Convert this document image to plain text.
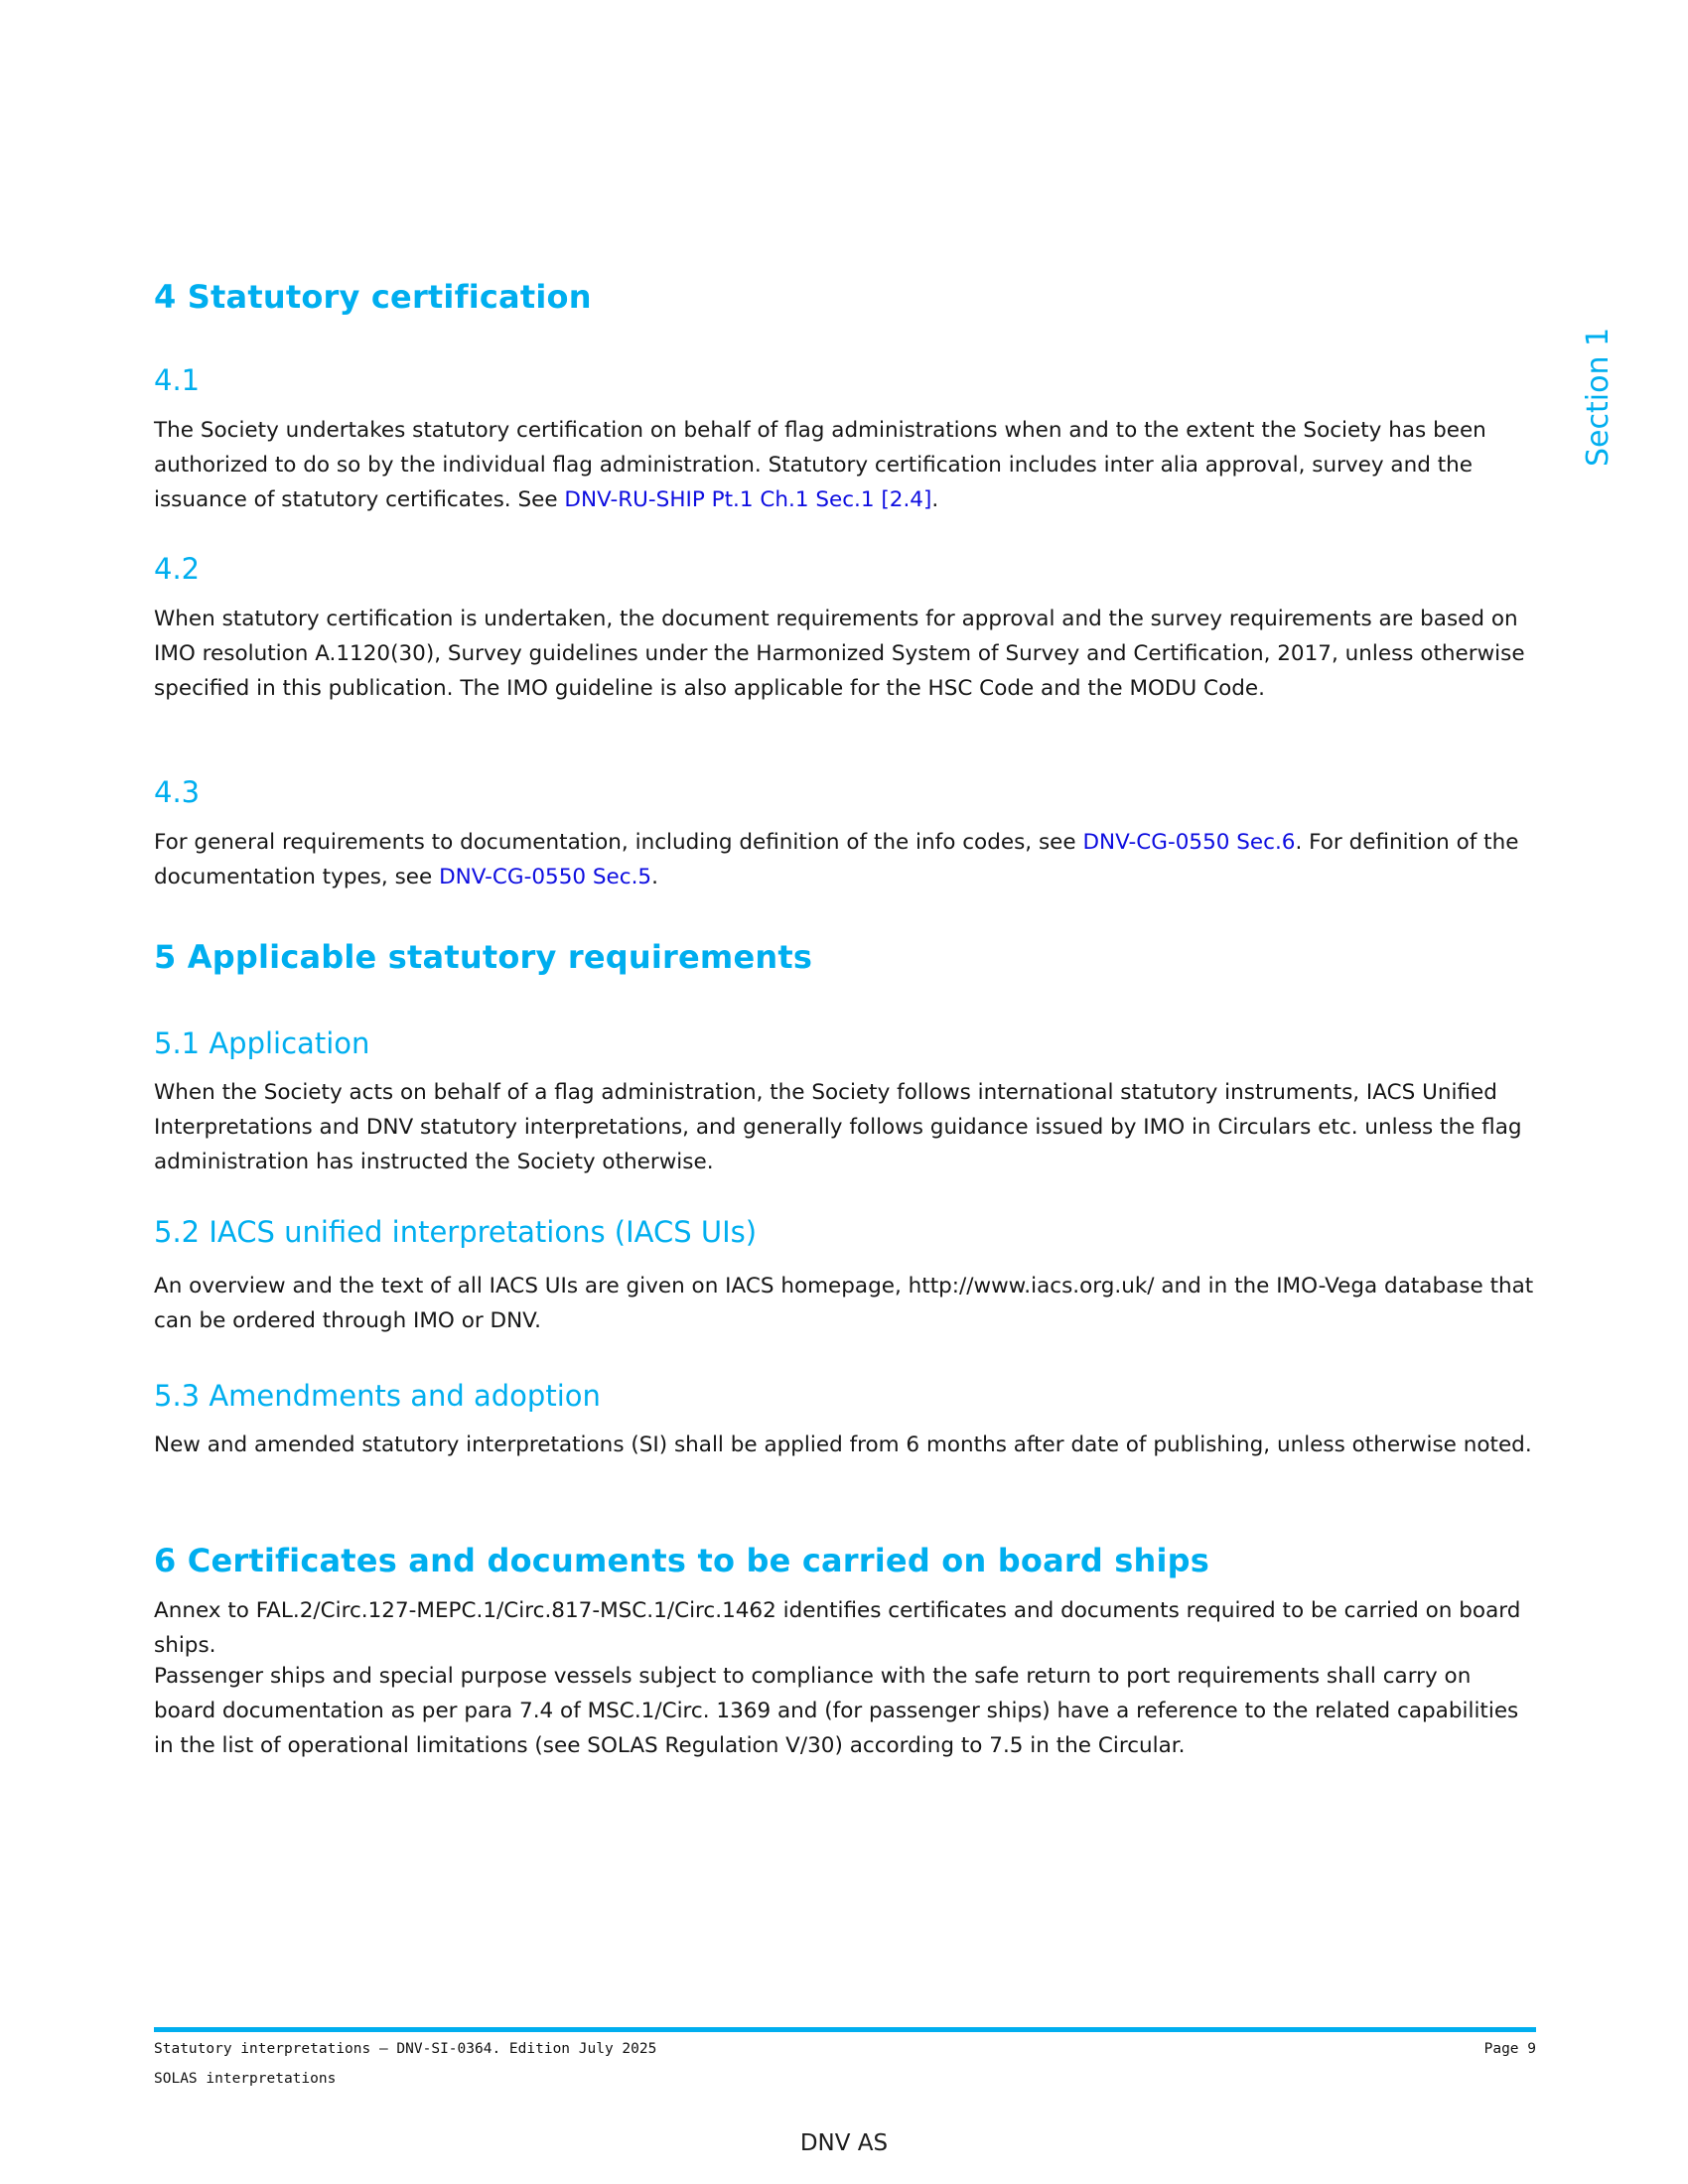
Section 1
4 Statutory certification
4.1

The Society undertakes statutory certification on behalf of flag administrations when and to the extent the Society has been authorized to do so by the individual flag administration. Statutory certification includes inter alia approval, survey and the issuance of statutory certificates. See DNV-RU-SHIP Pt.1 Ch.1 Sec.1 [2.4].

4.2

When statutory certification is undertaken, the document requirements for approval and the survey requirements are based on IMO resolution A.1120(30), Survey guidelines under the Harmonized System of Survey and Certification, 2017, unless otherwise specified in this publication. The IMO guideline is also applicable for the HSC Code and the MODU Code.

4.3

For general requirements to documentation, including definition of the info codes, see DNV-CG-0550 Sec.6. For definition of the documentation types, see DNV-CG-0550 Sec.5.

5 Applicable statutory requirements
5.1 Application

When the Society acts on behalf of a flag administration, the Society follows international statutory instruments, IACS Unified Interpretations and DNV statutory interpretations, and generally follows guidance issued by IMO in Circulars etc. unless the flag administration has instructed the Society otherwise.

5.2 IACS unified interpretations (IACS UIs)

An overview and the text of all IACS UIs are given on IACS homepage, http://www.iacs.org.uk/ and in the IMO-Vega database that can be ordered through IMO or DNV.

5.3 Amendments and adoption

New and amended statutory interpretations (SI) shall be applied from 6 months after date of publishing, unless otherwise noted.

6 Certificates and documents to be carried on board ships

Annex to FAL.2/Circ.127-MEPC.1/Circ.817-MSC.1/Circ.1462 identifies certificates and documents required to be carried on board ships.

Passenger ships and special purpose vessels subject to compliance with the safe return to port requirements shall carry on board documentation as per para 7.4 of MSC.1/Circ. 1369 and (for passenger ships) have a reference to the related capabilities in the list of operational limitations (see SOLAS Regulation V/30) according to 7.5 in the Circular.

Statutory interpretations — DNV-SI-0364. Edition July 2025	Page 9
SOLAS interpretations
DNV AS
